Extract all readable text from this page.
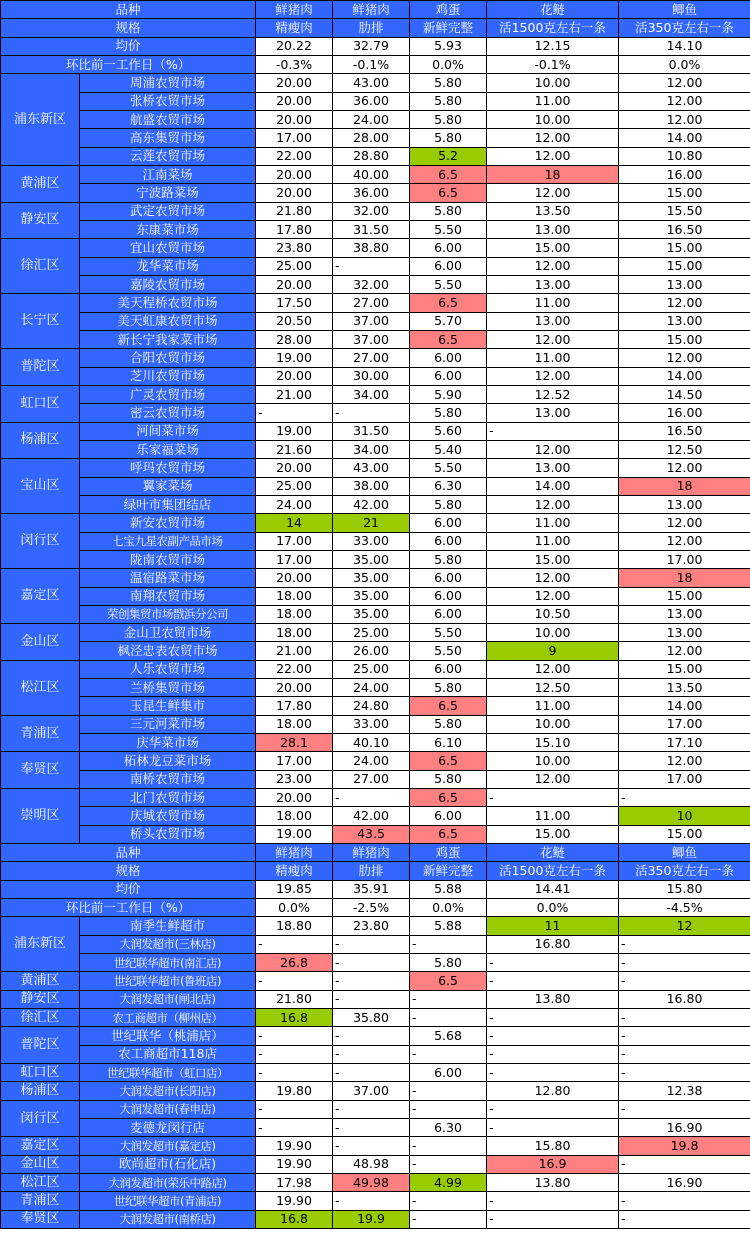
品种		鲜猪肉	鲜猪肉	鸡蛋	花鲢	鲫鱼
规格		精瘦肉	肋排	新鲜完整	活1500克左右一条	活350克左右一条
均价		20.22	32.79	5.93	12.15	14.10
环比前一工作日（%）		-0.3%	-0.1%	0.0%	-0.1%	0.0%
浦东新区	周浦农贸市场	20.00	43.00	5.80	10.00	12.00
	张桥农贸市场	20.00	36.00	5.80	11.00	12.00
	航盛农贸市场	20.00	24.00	5.80	10.00	12.00
	高东集贸市场	17.00	28.00	5.80	12.00	14.00
	云莲农贸市场	22.00	28.80	5.2	12.00	10.80
黄浦区	江南菜场	20.00	40.00	6.5	18	16.00
	宁波路菜场	20.00	36.00	6.5	12.00	15.00
静安区	武定农贸市场	21.80	32.00	5.80	13.50	15.50
	东康菜市场	17.80	31.50	5.50	13.00	16.50
徐汇区	宜山农贸市场	23.80	38.80	6.00	15.00	15.00
	龙华菜市场	25.00	-	6.00	12.00	15.00
	嘉陵农贸市场	20.00	32.00	5.50	13.00	13.00
长宁区	美天程桥农贸市场	17.50	27.00	6.5	11.00	12.00
	美天虹康农贸市场	20.50	37.00	5.70	13.00	13.00
	新长宁我家菜市场	28.00	37.00	6.5	12.00	15.00
普陀区	合阳农贸市场	19.00	27.00	6.00	11.00	12.00
	芝川农贸市场	20.00	30.00	6.00	12.00	14.00
虹口区	广灵农贸市场	21.00	34.00	5.90	12.52	14.50
	密云农贸市场	-	-	5.80	13.00	16.00
杨浦区	河间菜市场	19.00	31.50	5.60	-	16.50
	乐家福菜场	21.60	34.00	5.40	12.00	12.50
宝山区	呼玛农贸市场	20.00	43.00	5.50	13.00	12.00
	翼家菜场	25.00	38.00	6.30	14.00	18
	绿叶市集团结店	24.00	42.00	5.80	12.00	13.00
闵行区	新安农贸市场	14	21	6.00	11.00	12.00
	七宝九星农副产品市场	17.00	33.00	6.00	11.00	12.00
	陇南农贸市场	17.00	35.00	5.80	15.00	17.00
嘉定区	温宿路菜市场	20.00	35.00	6.00	12.00	18
	南翔农贸市场	18.00	35.00	6.00	12.00	15.00
	荣创集贸市场戬浜分公司	18.00	35.00	6.00	10.50	13.00
金山区	金山卫农贸市场	18.00	25.00	5.50	10.00	13.00
	枫泾忠表农贸市场	21.00	26.00	5.50	9	12.00
松江区	人乐农贸市场	22.00	25.00	6.00	12.00	15.00
	兰桥集贸市场	20.00	24.00	5.80	12.50	13.50
	玉昆生鲜集市	17.80	24.80	6.5	11.00	14.00
青浦区	三元河菜市场	18.00	33.00	5.80	10.00	17.00
	庆华菜市场	28.1	40.10	6.10	15.10	17.10
奉贤区	柘林龙豆菜市场	17.00	24.00	6.5	10.00	12.00
	南桥农贸市场	23.00	27.00	5.80	12.00	17.00
崇明区	北门农贸市场	20.00	-	6.5	-	-
	庆城农贸市场	18.00	42.00	6.00	11.00	10
	桥头农贸市场	19.00	43.5	6.5	15.00	15.00
品种		鲜猪肉	鲜猪肉	鸡蛋	花鲢	鲫鱼
规格		精瘦肉	肋排	新鲜完整	活1500克左右一条	活350克左右一条
均价		19.85	35.91	5.88	14.41	15.80
环比前一工作日（%）		0.0%	-2.5%	0.0%	0.0%	-4.5%
浦东新区	南季生鲜超市	18.80	23.80	5.88	11	12
	大润发超市(三林店)	-	-	-	16.80	-
	世纪联华超市(南汇店)	26.8	-	5.80	-	-
黄浦区	世纪联华超市(鲁班店)	-	-	6.5	-	-
静安区	大润发超市(闸北店)	21.80	-	-	13.80	16.80
徐汇区	农工商超市（柳州店）	16.8	35.80	-	-	-
普陀区	世纪联华（桃浦店）	-	-	5.68	-	-
	农工商超市118店	-	-	-	-	-
虹口区	世纪联华超市（虹口店）	-	-	6.00	-	-
杨浦区	大润发超市(长阳店)	19.80	37.00	-	12.80	12.38
闵行区	大润发超市(春申店)	-	-	-	-	-
	麦德龙闵行店	-	-	6.30	-	16.90
嘉定区	大润发超市(嘉定店)	19.90	-	-	15.80	19.8
金山区	欧尚超市(石化店)	19.90	48.98	-	16.9	-
松江区	大润发超市(荣乐中路店)	17.98	49.98	4.99	13.80	16.90
青浦区	世纪联华超市(青浦店)	19.90	-	-	-	-
奉贤区	大润发超市(南桥店)	16.8	19.9	-	-	-
